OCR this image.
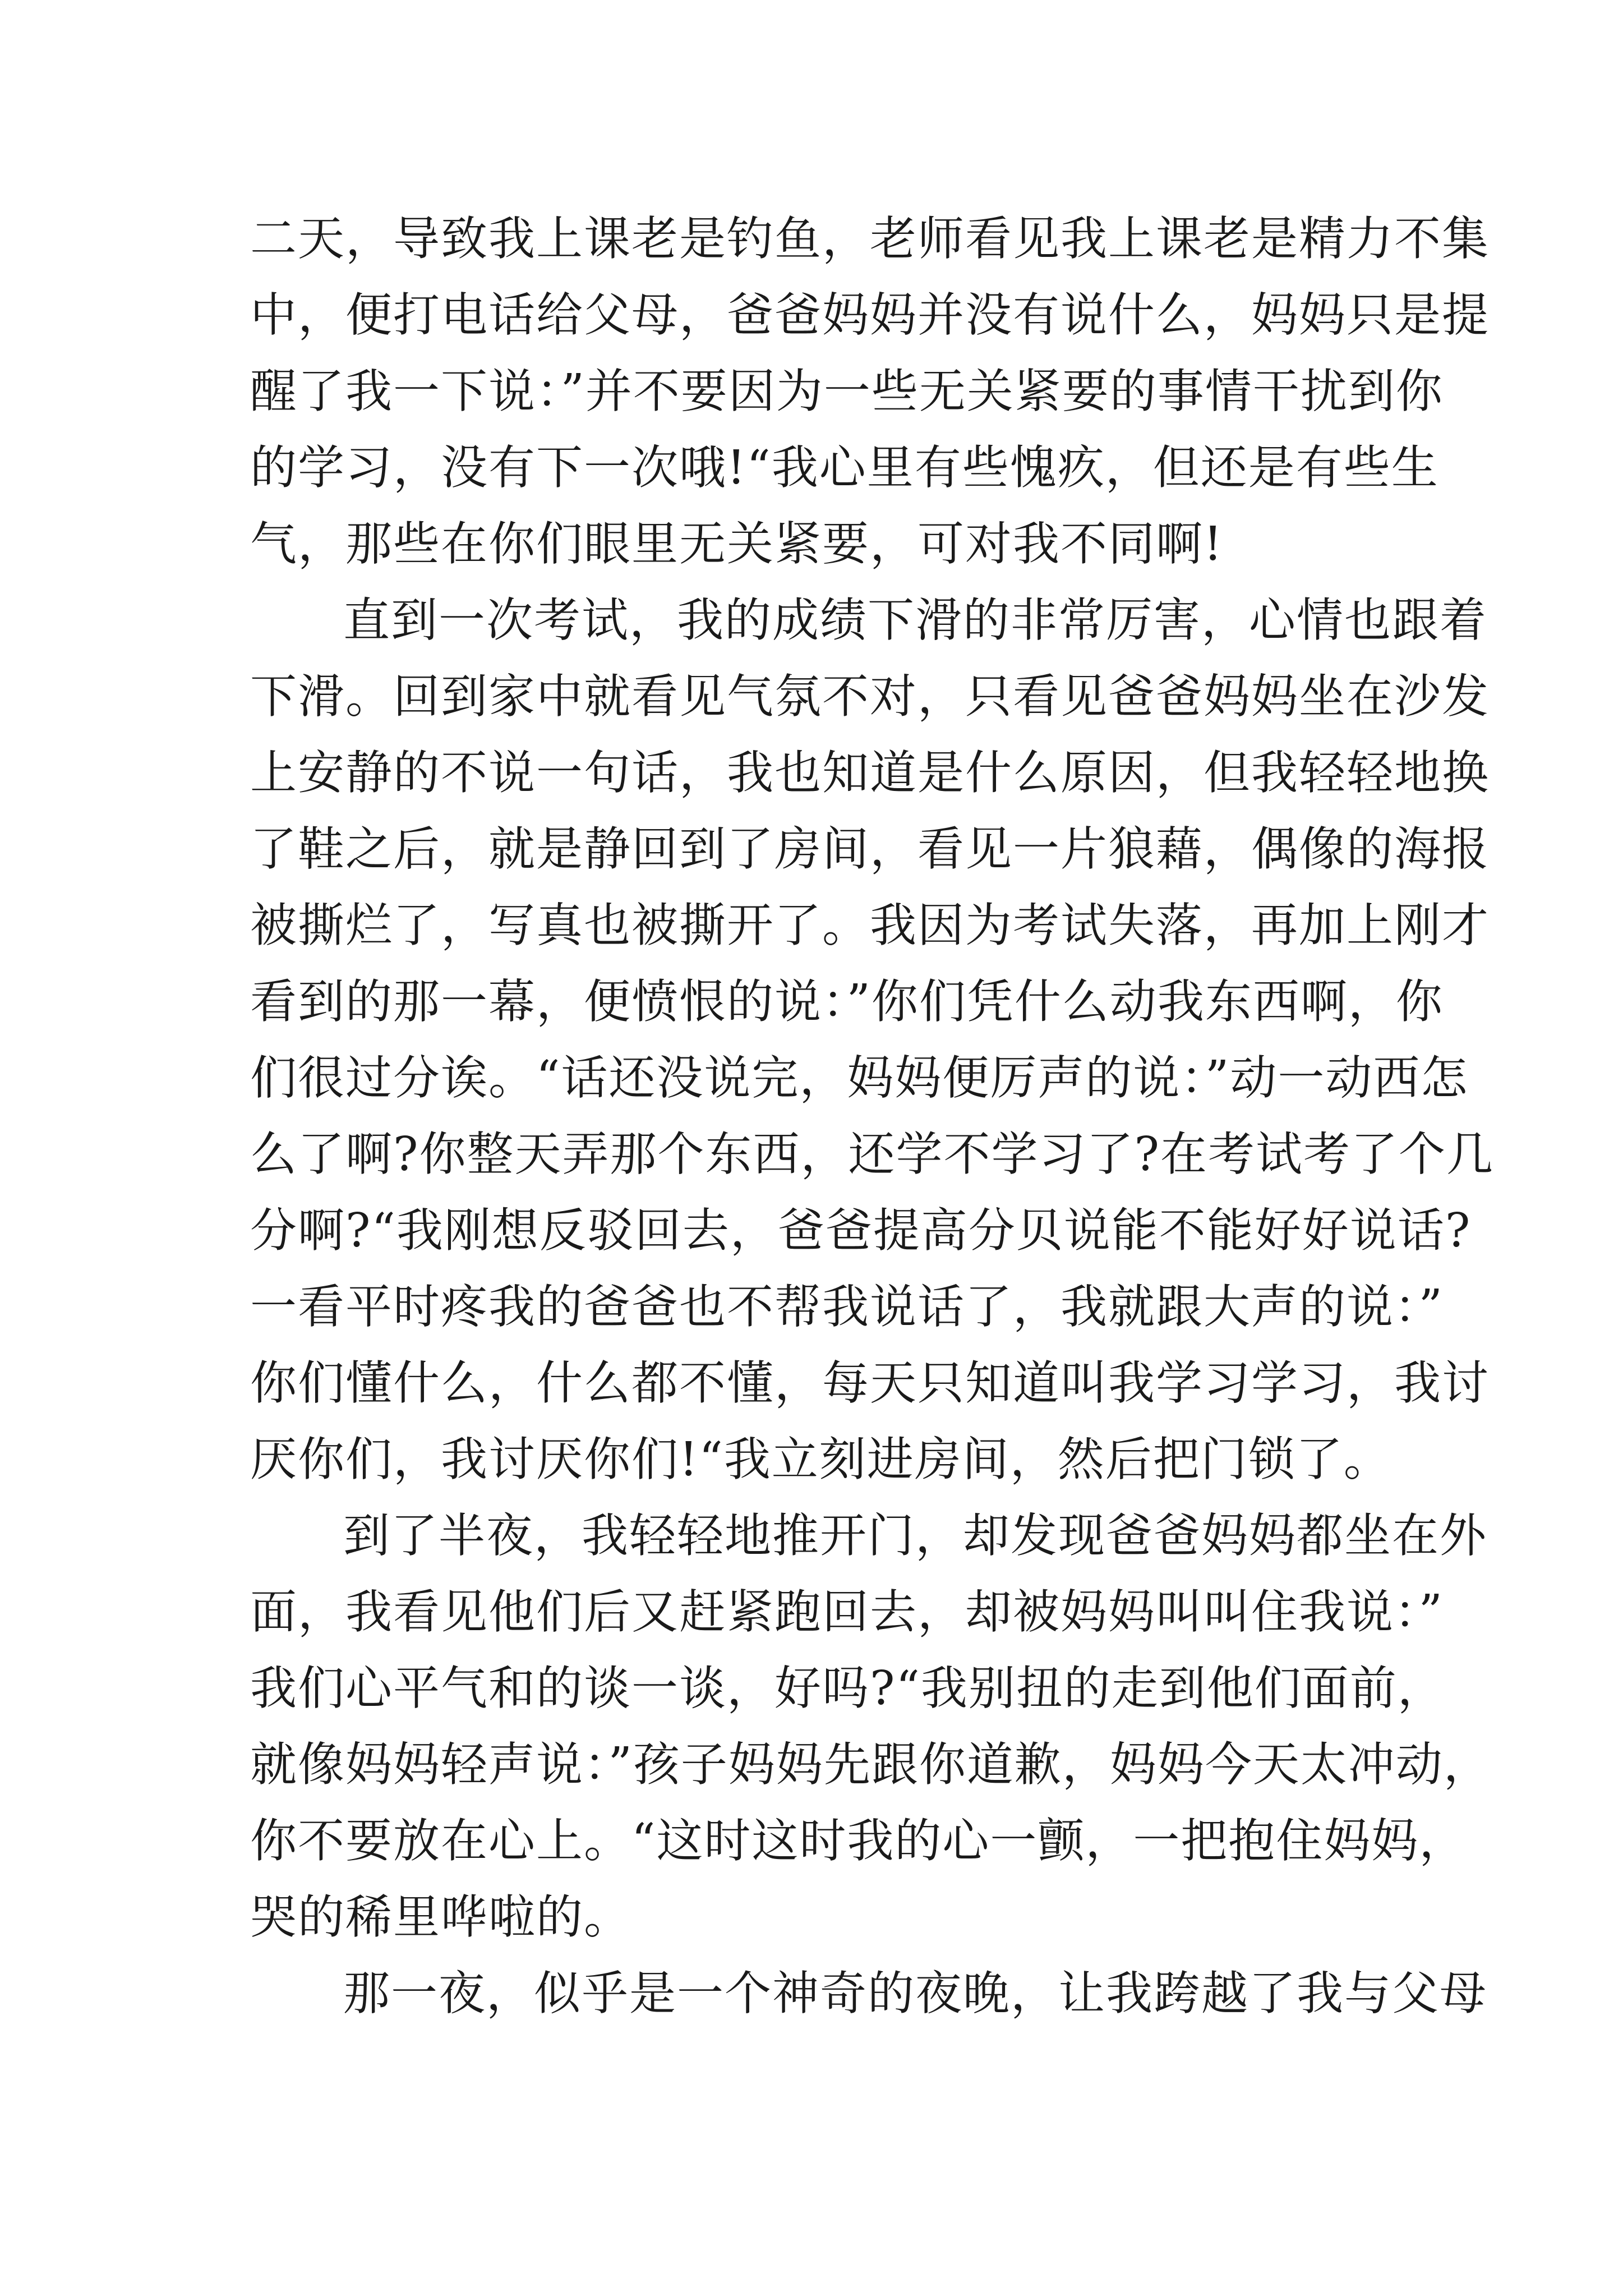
二天，导致我上课老是钓鱼，老师看见我上课老是精力不集
中，便打电话给父母，爸爸妈妈并没有说什么，妈妈只是提
醒了我一下说：”并不要因为一些无关紧要的事情干扰到你
的学习，没有下一次哦!“我心里有些愧疚，但还是有些生
气，那些在你们眼里无关紧要，可对我不同啊!
直到一次考试，我的成绩下滑的非常厉害，心情也跟着
下滑。回到家中就看见气氛不对，只看见爸爸妈妈坐在沙发
上安静的不说一句话，我也知道是什么原因，但我轻轻地换
了鞋之后，就是静回到了房间，看见一片狼藉，偶像的海报
被撕烂了，写真也被撕开了。我因为考试失落，再加上刚才
看到的那一幕，便愤恨的说：”你们凭什么动我东西啊，你
们很过分诶。“话还没说完，妈妈便厉声的说：”动一动西怎
么了啊?你整天弄那个东西，还学不学习了?在考试考了个几
分啊?“我刚想反驳回去，爸爸提高分贝说能不能好好说话?
一看平时疼我的爸爸也不帮我说话了，我就跟大声的说：”
你们懂什么，什么都不懂，每天只知道叫我学习学习，我讨
厌你们，我讨厌你们!“我立刻进房间，然后把门锁了。
到了半夜，我轻轻地推开门，却发现爸爸妈妈都坐在外
面，我看见他们后又赶紧跑回去，却被妈妈叫叫住我说：”
我们心平气和的谈一谈，好吗?“我别扭的走到他们面前，
就像妈妈轻声说：”孩子妈妈先跟你道歉，妈妈今天太冲动，
你不要放在心上。“这时这时我的心一颤，一把抱住妈妈，
哭的稀里哗啦的。
那一夜，似乎是一个神奇的夜晚，让我跨越了我与父母
